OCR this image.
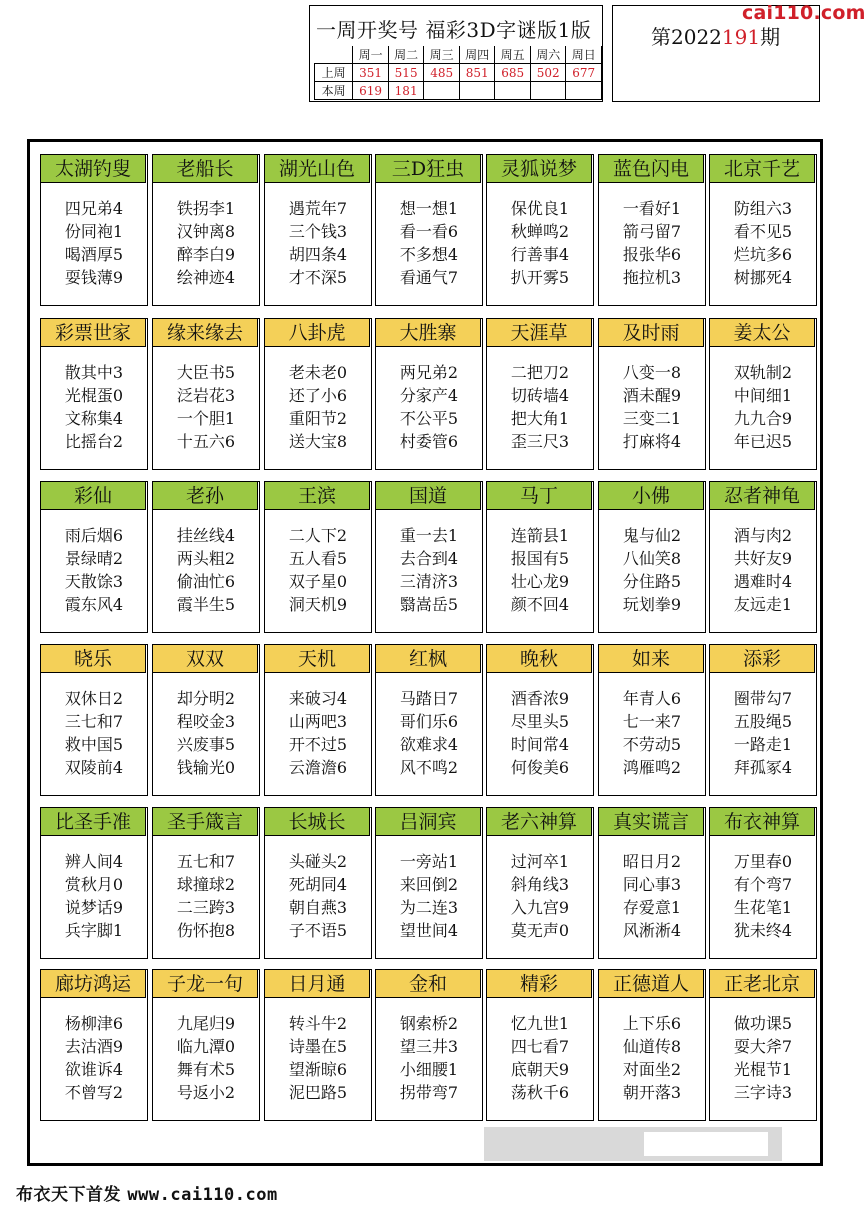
一周开奖号 福彩3D字谜版1版
	周一	周二	周三	周四	周五	周六	周日
上周	351	515	485	851	685	502	677
本周	619	181					
第2022191期
cai110.com
太湖钓叟
四兄弟4
份同袍1
喝酒厚5
耍钱薄9
老船长
铁拐李1
汉钟离8
醉李白9
绘神迹4
湖光山色
遇荒年7
三个钱3
胡四条4
才不深5
三D狂虫
想一想1
看一看6
不多想4
看通气7
灵狐说梦
保优良1
秋蝉鸣2
行善事4
扒开雾5
蓝色闪电
一看好1
箭弓留7
报张华6
拖拉机3
北京千艺
防组六3
看不见5
烂坑多6
树挪死4
彩票世家
散其中3
光棍蛋0
文称集4
比摇台2
缘来缘去
大臣书5
泛岩花3
一个胆1
十五六6
八卦虎
老未老0
还了小6
重阳节2
送大宝8
大胜寨
两兄弟2
分家产4
不公平5
村委管6
天涯草
二把刀2
切砖墙4
把大角1
歪三尺3
及时雨
八变一8
酒未醒9
三变二1
打麻将4
姜太公
双轨制2
中间细1
九九合9
年已迟5
彩仙
雨后烟6
景绿晴2
天散馀3
霞东风4
老孙
挂丝线4
两头粗2
偷油忙6
霞半生5
王滨
二人下2
五人看5
双子星0
洞天机9
国道
重一去1
去合到4
三清济3
翳嵩岳5
马丁
连箭县1
报国有5
壮心龙9
颜不回4
小佛
鬼与仙2
八仙笑8
分住路5
玩划拳9
忍者神龟
酒与肉2
共好友9
遇难时4
友远走1
晓乐
双休日2
三七和7
救中国5
双陵前4
双双
却分明2
程咬金3
兴废事5
钱输光0
天机
来破习4
山两吧3
开不过5
云澹澹6
红枫
马踏日7
哥们乐6
欲难求4
风不鸣2
晚秋
酒香浓9
尽里头5
时间常4
何俊美6
如来
年青人6
七一来7
不劳动5
鸿雁鸣2
添彩
圈带勾7
五股绳5
一路走1
拜孤冢4
比圣手准
辨人间4
赏秋月0
说梦话9
兵字脚1
圣手箴言
五七和7
球撞球2
二三跨3
伤怀抱8
长城长
头碰头2
死胡同4
朝自燕3
子不语5
吕洞宾
一旁站1
来回倒2
为二连3
望世间4
老六神算
过河卒1
斜角线3
入九宫9
莫无声0
真实谎言
昭日月2
同心事3
存爱意1
风淅淅4
布衣神算
万里春0
有个弯7
生花笔1
犹未终4
廊坊鸿运
杨柳津6
去沽酒9
欲谁诉4
不曾写2
子龙一句
九尾归9
临九潭0
舞有术5
号返小2
日月通
转斗牛2
诗墨在5
望渐晾6
泥巴路5
金和
钢索桥2
望三井3
小细腰1
拐带弯7
精彩
忆九世1
四七看7
底朝天9
荡秋千6
正德道人
上下乐6
仙道传8
对面坐2
朝开落3
正老北京
做功课5
耍大斧7
光棍节1
三字诗3
布衣天下首发 www.cai110.com
